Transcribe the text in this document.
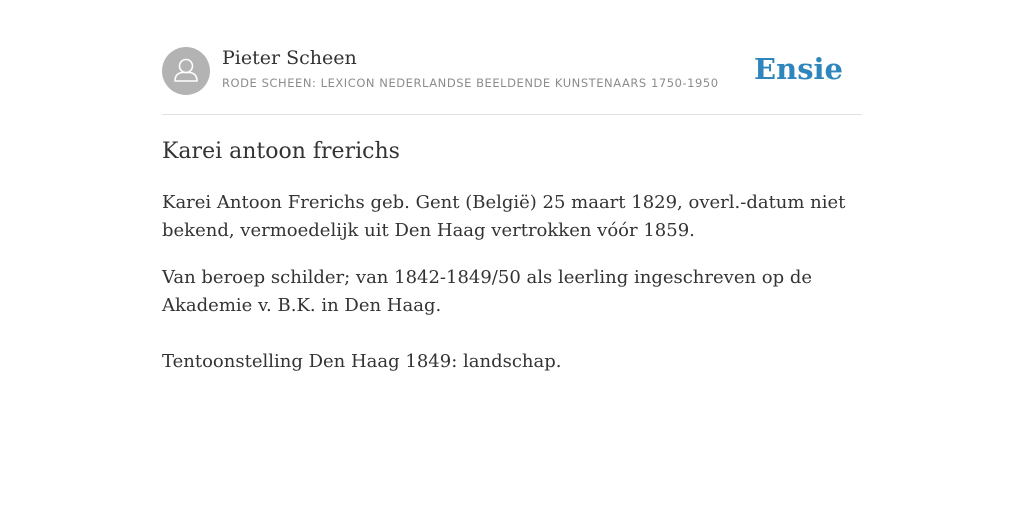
Pieter Scheen
RODE SCHEEN: LEXICON NEDERLANDSE BEELDENDE KUNSTENAARS 1750-1950 Ensie
Karei antoon frerichs

Karei Antoon Frerichs geb. Gent (België) 25 maart 1829, overl.-datum niet bekend, vermoedelijk uit Den Haag vertrokken vóór 1859.

Van beroep schilder; van 1842-1849/50 als leerling ingeschreven op de Akademie v. B.K. in Den Haag.

Tentoonstelling Den Haag 1849: landschap.
